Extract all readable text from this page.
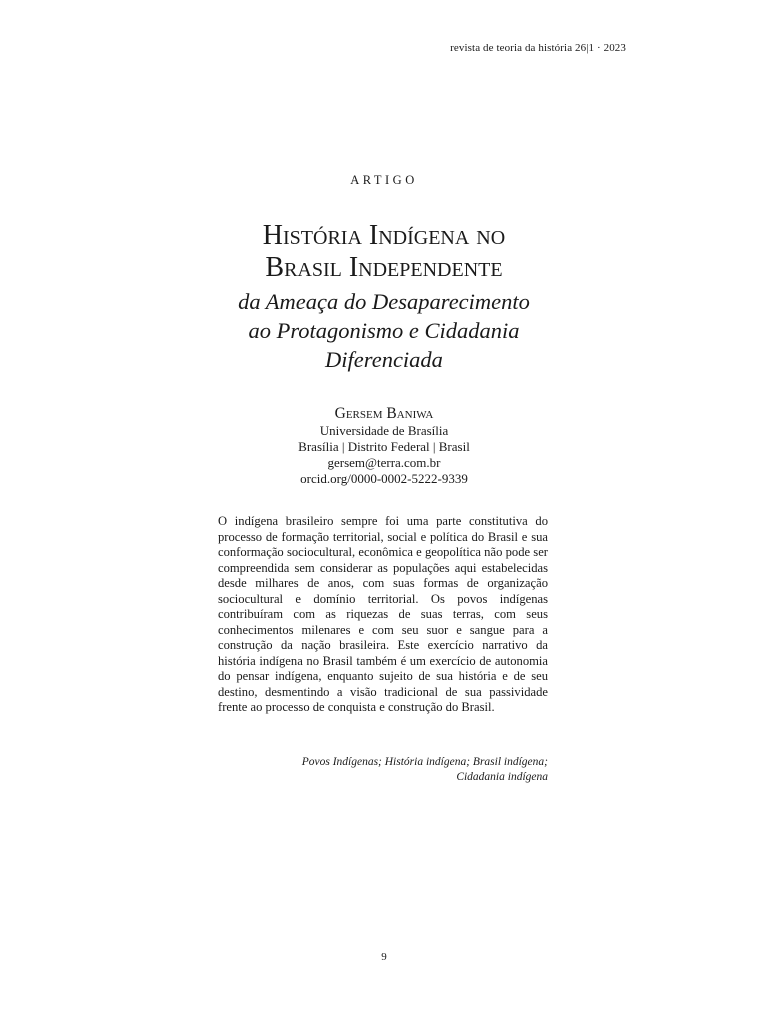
revista de teoria da história 26|1 · 2023
ARTIGO
História Indígena no
Brasil Independente
da Ameaça do Desaparecimento
ao Protagonismo e Cidadania
Diferenciada
Gersem Baniwa
Universidade de Brasília
Brasília | Distrito Federal | Brasil
gersem@terra.com.br
orcid.org/0000-0002-5222-9339

O indígena brasileiro sempre foi uma parte constitutiva do processo de formação territorial, social e política do Brasil e sua conformação sociocultural, econômica e geopolítica não pode ser compreendida sem considerar as populações aqui estabelecidas desde milhares de anos, com suas formas de organização sociocultural e domínio territorial. Os povos indígenas contribuíram com as riquezas de suas terras, com seus conhecimentos milenares e com seu suor e sangue para a construção da nação brasileira. Este exercício narrativo da história indígena no Brasil também é um exercício de autonomia do pensar indígena, enquanto sujeito de sua história e de seu destino, desmentindo a visão tradicional de sua passividade frente ao processo de conquista e construção do Brasil.

Povos Indígenas; História indígena; Brasil indígena;
Cidadania indígena

9
